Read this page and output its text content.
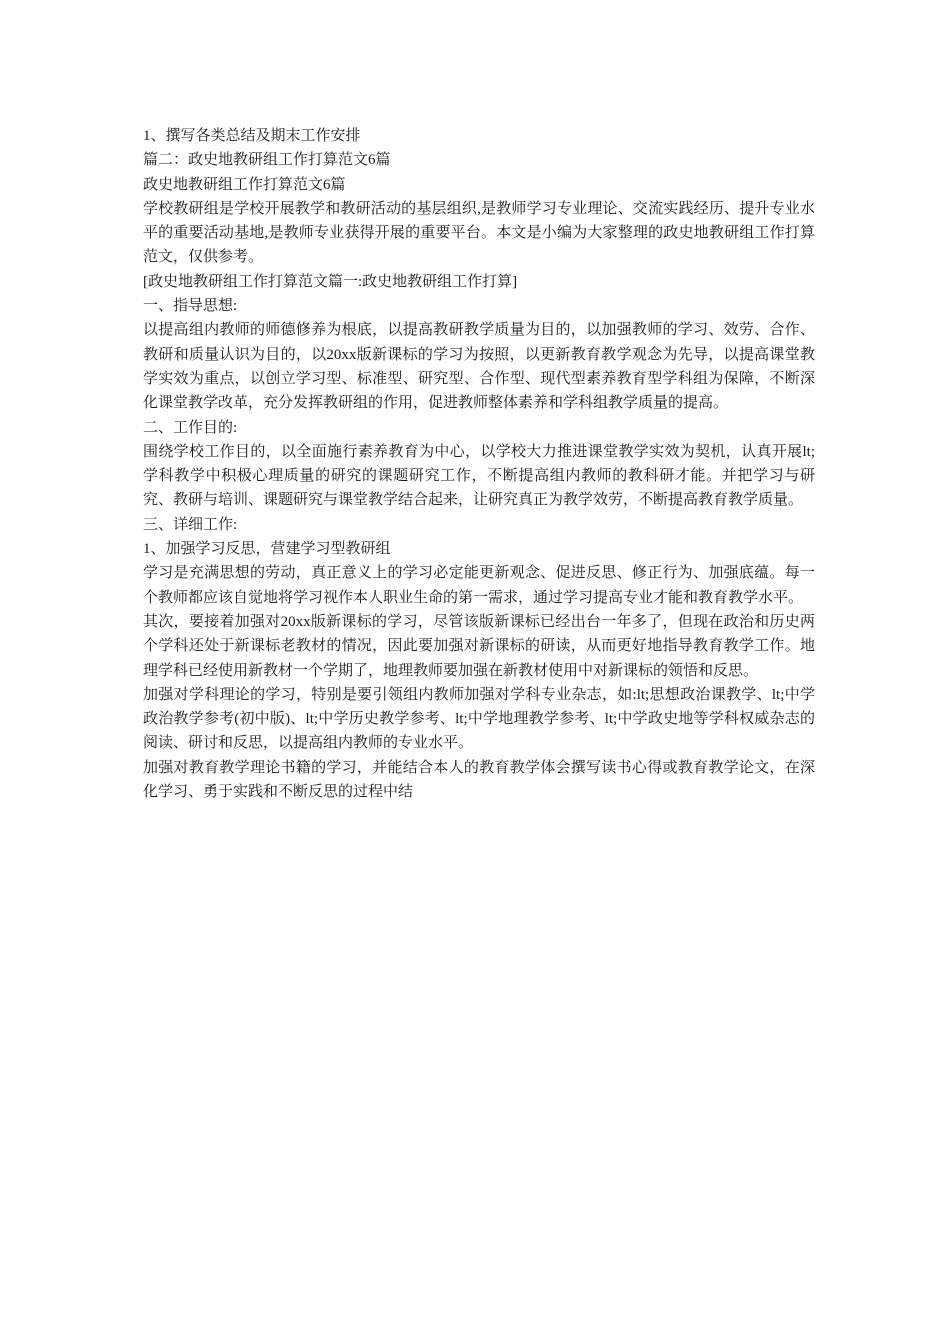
1、撰写各类总结及期末工作安排

篇二：政史地教研组工作打算范文6篇

政史地教研组工作打算范文6篇

学校教研组是学校开展教学和教研活动的基层组织,是教师学习专业理论、交流实践经历、提升专业水平的重要活动基地,是教师专业获得开展的重要平台。本文是小编为大家整理的政史地教研组工作打算范文，仅供参考。

[政史地教研组工作打算范文篇一:政史地教研组工作打算]

一、指导思想:

以提高组内教师的师德修养为根底，以提高教研教学质量为目的，以加强教师的学习、效劳、合作、教研和质量认识为目的，以20xx版新课标的学习为按照，以更新教育教学观念为先导，以提高课堂教学实效为重点，以创立学习型、标准型、研究型、合作型、现代型素养教育型学科组为保障，不断深化课堂教学改革，充分发挥教研组的作用，促进教师整体素养和学科组教学质量的提高。

二、工作目的:

围绕学校工作目的，以全面施行素养教育为中心，以学校大力推进课堂教学实效为契机，认真开展lt;学科教学中积极心理质量的研究的课题研究工作，不断提高组内教师的教科研才能。并把学习与研究、教研与培训、课题研究与课堂教学结合起来，让研究真正为教学效劳，不断提高教育教学质量。

三、详细工作:

1、加强学习反思，营建学习型教研组

学习是充满思想的劳动，真正意义上的学习必定能更新观念、促进反思、修正行为、加强底蕴。每一个教师都应该自觉地将学习视作本人职业生命的第一需求，通过学习提高专业才能和教育教学水平。

其次，要接着加强对20xx版新课标的学习，尽管该版新课标已经出台一年多了，但现在政治和历史两个学科还处于新课标老教材的情况，因此要加强对新课标的研读，从而更好地指导教育教学工作。地理学科已经使用新教材一个学期了，地理教师要加强在新教材使用中对新课标的领悟和反思。

加强对学科理论的学习，特别是要引领组内教师加强对学科专业杂志，如:lt;思想政治课教学、lt;中学政治教学参考(初中版)、lt;中学历史教学参考、lt;中学地理教学参考、lt;中学政史地等学科权威杂志的阅读、研讨和反思，以提高组内教师的专业水平。

加强对教育教学理论书籍的学习，并能结合本人的教育教学体会撰写读书心得或教育教学论文，在深化学习、勇于实践和不断反思的过程中结
